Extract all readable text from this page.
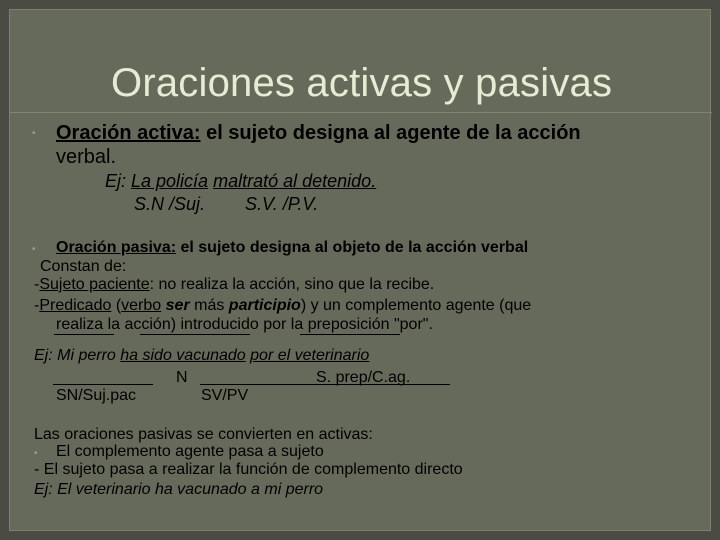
Oraciones activas y pasivas
• Oración activa: el sujeto designa al agente de la acción
verbal.
Ej: La policía maltrató al detenido.
S.N /Suj.        S.V. /P.V.
• Oración pasiva: el sujeto designa al objeto de la acción verbal
Constan de:
-Sujeto paciente: no realiza la acción, sino que la recibe.
-Predicado (verbo ser más participio) y un complemento agente (que
realiza la acción) introducido por la preposición "por".
Ej: Mi perro ha sido vacunado por el veterinario
N	S. prep/C.ag.
SN/Suj.pac	SV/PV
Las oraciones pasivas se convierten en activas:
• El complemento agente pasa a sujeto
- El sujeto pasa a realizar la función de complemento directo
Ej: El veterinario ha vacunado a mi perro
